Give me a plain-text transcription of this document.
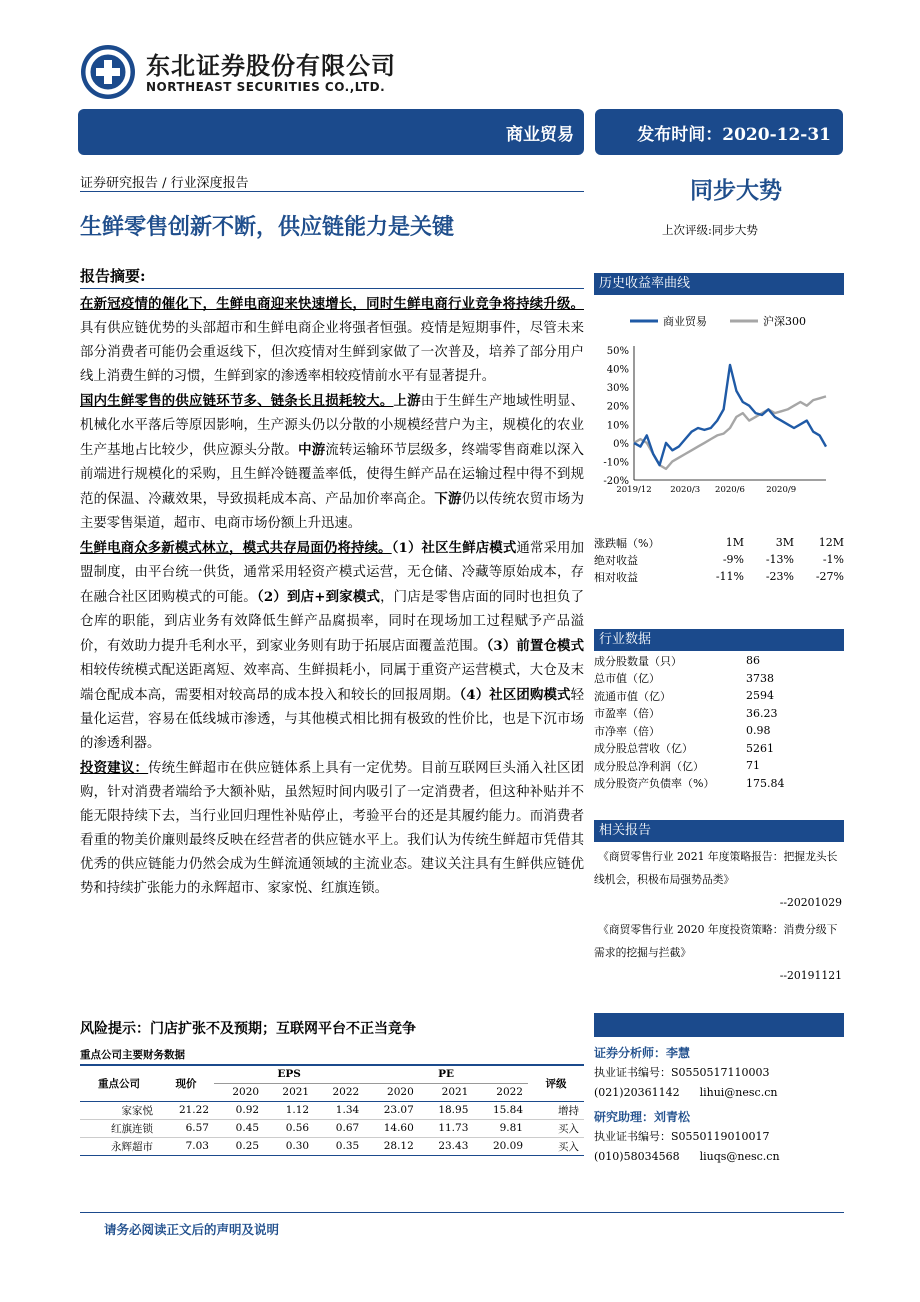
东北证券股份有限公司
NORTHEAST SECURITIES CO.,LTD.
商业贸易	发布时间：2020-12-31
证券研究报告 / 行业深度报告
生鲜零售创新不断，供应链能力是关键
同步大势
上次评级:同步大势
报告摘要:

在新冠疫情的催化下，生鲜电商迎来快速增长，同时生鲜电商行业竞争将持续升级。具有供应链优势的头部超市和生鲜电商企业将强者恒强。疫情是短期事件，尽管未来部分消费者可能仍会重返线下，但次疫情对生鲜到家做了一次普及，培养了部分用户线上消费生鲜的习惯，生鲜到家的渗透率相较疫情前水平有显著提升。

国内生鲜零售的供应链环节多、链条长且损耗较大。上游由于生鲜生产地域性明显、机械化水平落后等原因影响，生产源头仍以分散的小规模经营户为主，规模化的农业生产基地占比较少，供应源头分散。中游流转运输环节层级多，终端零售商难以深入前端进行规模化的采购，且生鲜冷链覆盖率低，使得生鲜产品在运输过程中得不到规范的保温、冷藏效果，导致损耗成本高、产品加价率高企。下游仍以传统农贸市场为主要零售渠道，超市、电商市场份额上升迅速。

生鲜电商众多新模式林立，模式共存局面仍将持续。（1）社区生鲜店模式通常采用加盟制度，由平台统一供货，通常采用轻资产模式运营，无仓储、冷藏等原始成本，存在融合社区团购模式的可能。（2）到店+到家模式，门店是零售店面的同时也担负了仓库的职能，到店业务有效降低生鲜产品腐损率，同时在现场加工过程赋予产品溢价，有效助力提升毛利水平，到家业务则有助于拓展店面覆盖范围。（3）前置仓模式相较传统模式配送距离短、效率高、生鲜损耗小，同属于重资产运营模式，大仓及末端仓配成本高，需要相对较高昂的成本投入和较长的回报周期。（4）社区团购模式轻量化运营，容易在低线城市渗透，与其他模式相比拥有极致的性价比，也是下沉市场的渗透利器。

投资建议：传统生鲜超市在供应链体系上具有一定优势。目前互联网巨头涌入社区团购，针对消费者端给予大额补贴，虽然短时间内吸引了一定消费者，但这种补贴并不能无限持续下去，当行业回归理性补贴停止，考验平台的还是其履约能力。而消费者看重的物美价廉则最终反映在经营者的供应链水平上。我们认为传统生鲜超市凭借其优秀的供应链能力仍然会成为生鲜流通领域的主流业态。建议关注具有生鲜供应链优势和持续扩张能力的永辉超市、家家悦、红旗连锁。

风险提示：门店扩张不及预期；互联网平台不正当竞争
重点公司主要财务数据
重点公司	现价	EPS			PE			评级
		2020	2021	2022	2020	2021	2022	
家家悦	21.22	0.92	1.12	1.34	23.07	18.95	15.84	增持
红旗连锁	6.57	0.45	0.56	0.67	14.60	11.73	9.81	买入
永辉超市	7.03	0.25	0.30	0.35	28.12	23.43	20.09	买入
请务必阅读正文后的声明及说明
历史收益率曲线
商业贸易	沪深300
50%
40%
30%
20%
10%
0%
-10%
-20%
2019/12 2020/3 2020/6	2020/9
涨跌幅（%）	1M	3M	12M
绝对收益	-9%	-13%	-1%
相对收益	-11%	-23%	-27%
行业数据
成分股数量（只）	86
总市值（亿）	3738
流通市值（亿）	2594
市盈率（倍）	36.23
市净率（倍）	0.98
成分股总营收（亿）	5261
成分股总净利润（亿）	71
成分股资产负债率（%）	175.84
相关报告
《商贸零售行业 2021 年度策略报告：把握龙头长线机会，积极布局强势品类》
--20201029
《商贸零售行业 2020 年度投资策略：消费分级下需求的挖掘与拦截》
--20191121
证券分析师：李慧
执业证书编号：S0550517110003
(021)20361142 lihui@nesc.cn
研究助理：刘青松
执业证书编号：S0550119010017
(010)58034568 liuqs@nesc.cn
